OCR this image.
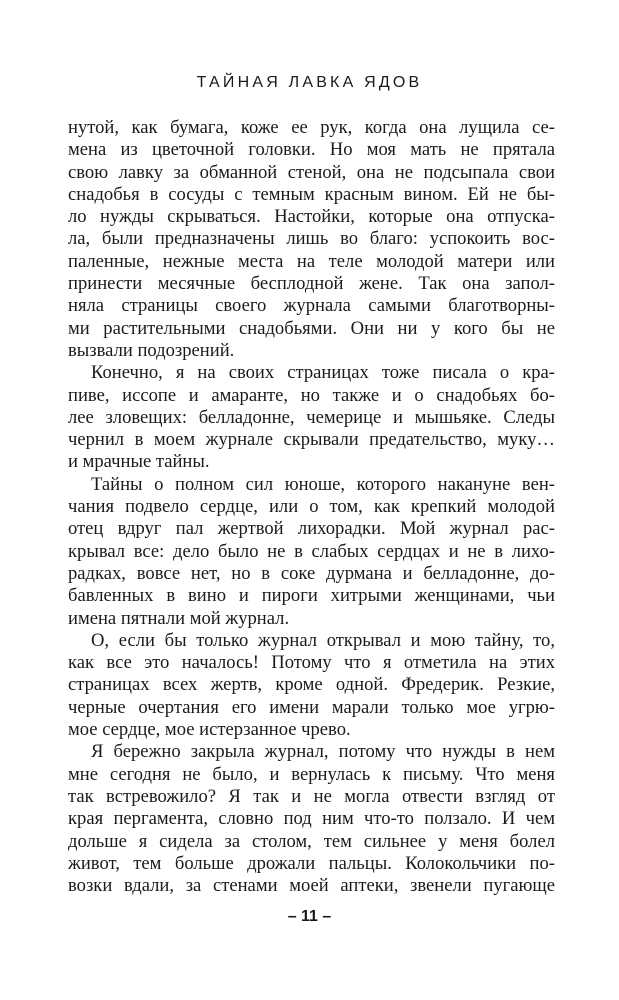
ТАЙНАЯ ЛАВКА ЯДОВ
нутой, как бумага, коже ее рук, когда она лущила се-
мена из цветочной головки. Но моя мать не прятала
свою лавку за обманной стеной, она не подсыпала свои
снадобья в сосуды с темным красным вином. Ей не бы-
ло нужды скрываться. Настойки, которые она отпуска-
ла, были предназначены лишь во благо: успокоить вос-
паленные, нежные места на теле молодой матери или
принести месячные бесплодной жене. Так она запол-
няла страницы своего журнала самыми благотворны-
ми растительными снадобьями. Они ни у кого бы не
вызвали подозрений.
Конечно, я на своих страницах тоже писала о кра-
пиве, иссопе и амаранте, но также и о снадобьях бо-
лее зловещих: белладонне, чемерице и мышьяке. Следы
чернил в моем журнале скрывали предательство, муку…
и мрачные тайны.
Тайны о полном сил юноше, которого накануне вен-
чания подвело сердце, или о том, как крепкий молодой
отец вдруг пал жертвой лихорадки. Мой журнал рас-
крывал все: дело было не в слабых сердцах и не в лихо-
радках, вовсе нет, но в соке дурмана и белладонне, до-
бавленных в вино и пироги хитрыми женщинами, чьи
имена пятнали мой журнал.
О, если бы только журнал открывал и мою тайну, то,
как все это началось! Потому что я отметила на этих
страницах всех жертв, кроме одной. Фредерик. Резкие,
черные очертания его имени марали только мое угрю-
мое сердце, мое истерзанное чрево.
Я бережно закрыла журнал, потому что нужды в нем
мне сегодня не было, и вернулась к письму. Что меня
так встревожило? Я так и не могла отвести взгляд от
края пергамента, словно под ним что-то ползало. И чем
дольше я сидела за столом, тем сильнее у меня болел
живот, тем больше дрожали пальцы. Колокольчики по-
возки вдали, за стенами моей аптеки, звенели пугающе
– 11 –
